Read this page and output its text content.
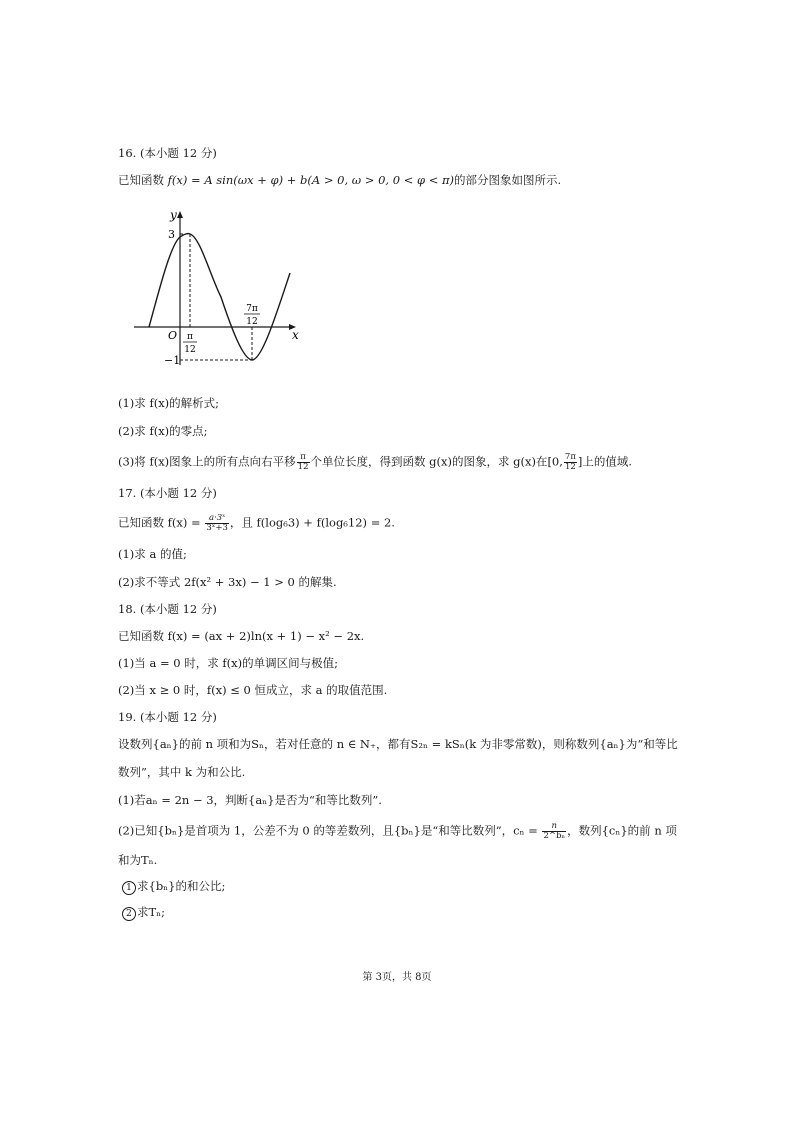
16. (本小题 12 分)
已知函数 f(x) = A sin(ωx + φ) + b(A > 0, ω > 0, 0 < φ < π)的部分图象如图所示.
y
x
O
3
−1
π
12
7π
12
(1)求 f(x)的解析式;
(2)求 f(x)的零点;
(3)将 f(x)图象上的所有点向右平移 $\frac{\pi}{12}$ 个单位长度，得到函数 g(x)的图象，求 g(x)在[0, $\frac{7\pi}{12}$ ]上的值域.
17. (本小题 12 分)
已知函数 $f(x) = \frac{\text{a·3ˣ}}{\text{3ˣ+3}}$ ，且 f(log₆3) + f(log₆12) = 2.
(1)求 a 的值;
(2)求不等式 2f(x² + 3x) − 1 > 0 的解集.
18. (本小题 12 分)
已知函数 f(x) = (ax + 2)ln(x + 1) − x² − 2x.
(1)当 a = 0 时，求 f(x)的单调区间与极值;
(2)当 x ≥ 0 时，f(x) ≤ 0 恒成立，求 a 的取值范围.
19. (本小题 12 分)
设数列{aₙ}的前 n 项和为Sₙ，若对任意的 n ∈ N₊，都有S₂ₙ = kSₙ(k 为非零常数)，则称数列{aₙ}为“和等比
数列”，其中 k 为和公比.
(1)若aₙ = 2n − 3，判断{aₙ}是否为“和等比数列”.
(2)已知{bₙ}是首项为 1，公差不为 0 的等差数列，且{bₙ}是“和等比数列”，$c_n = \frac{n}{\text{2\textasciicircum{}bₙ}}$ ，数列{cₙ}的前 n 项
和为Tₙ.
1 求{bₙ}的和公比;
2 求Tₙ;
第 3页，共 8页
